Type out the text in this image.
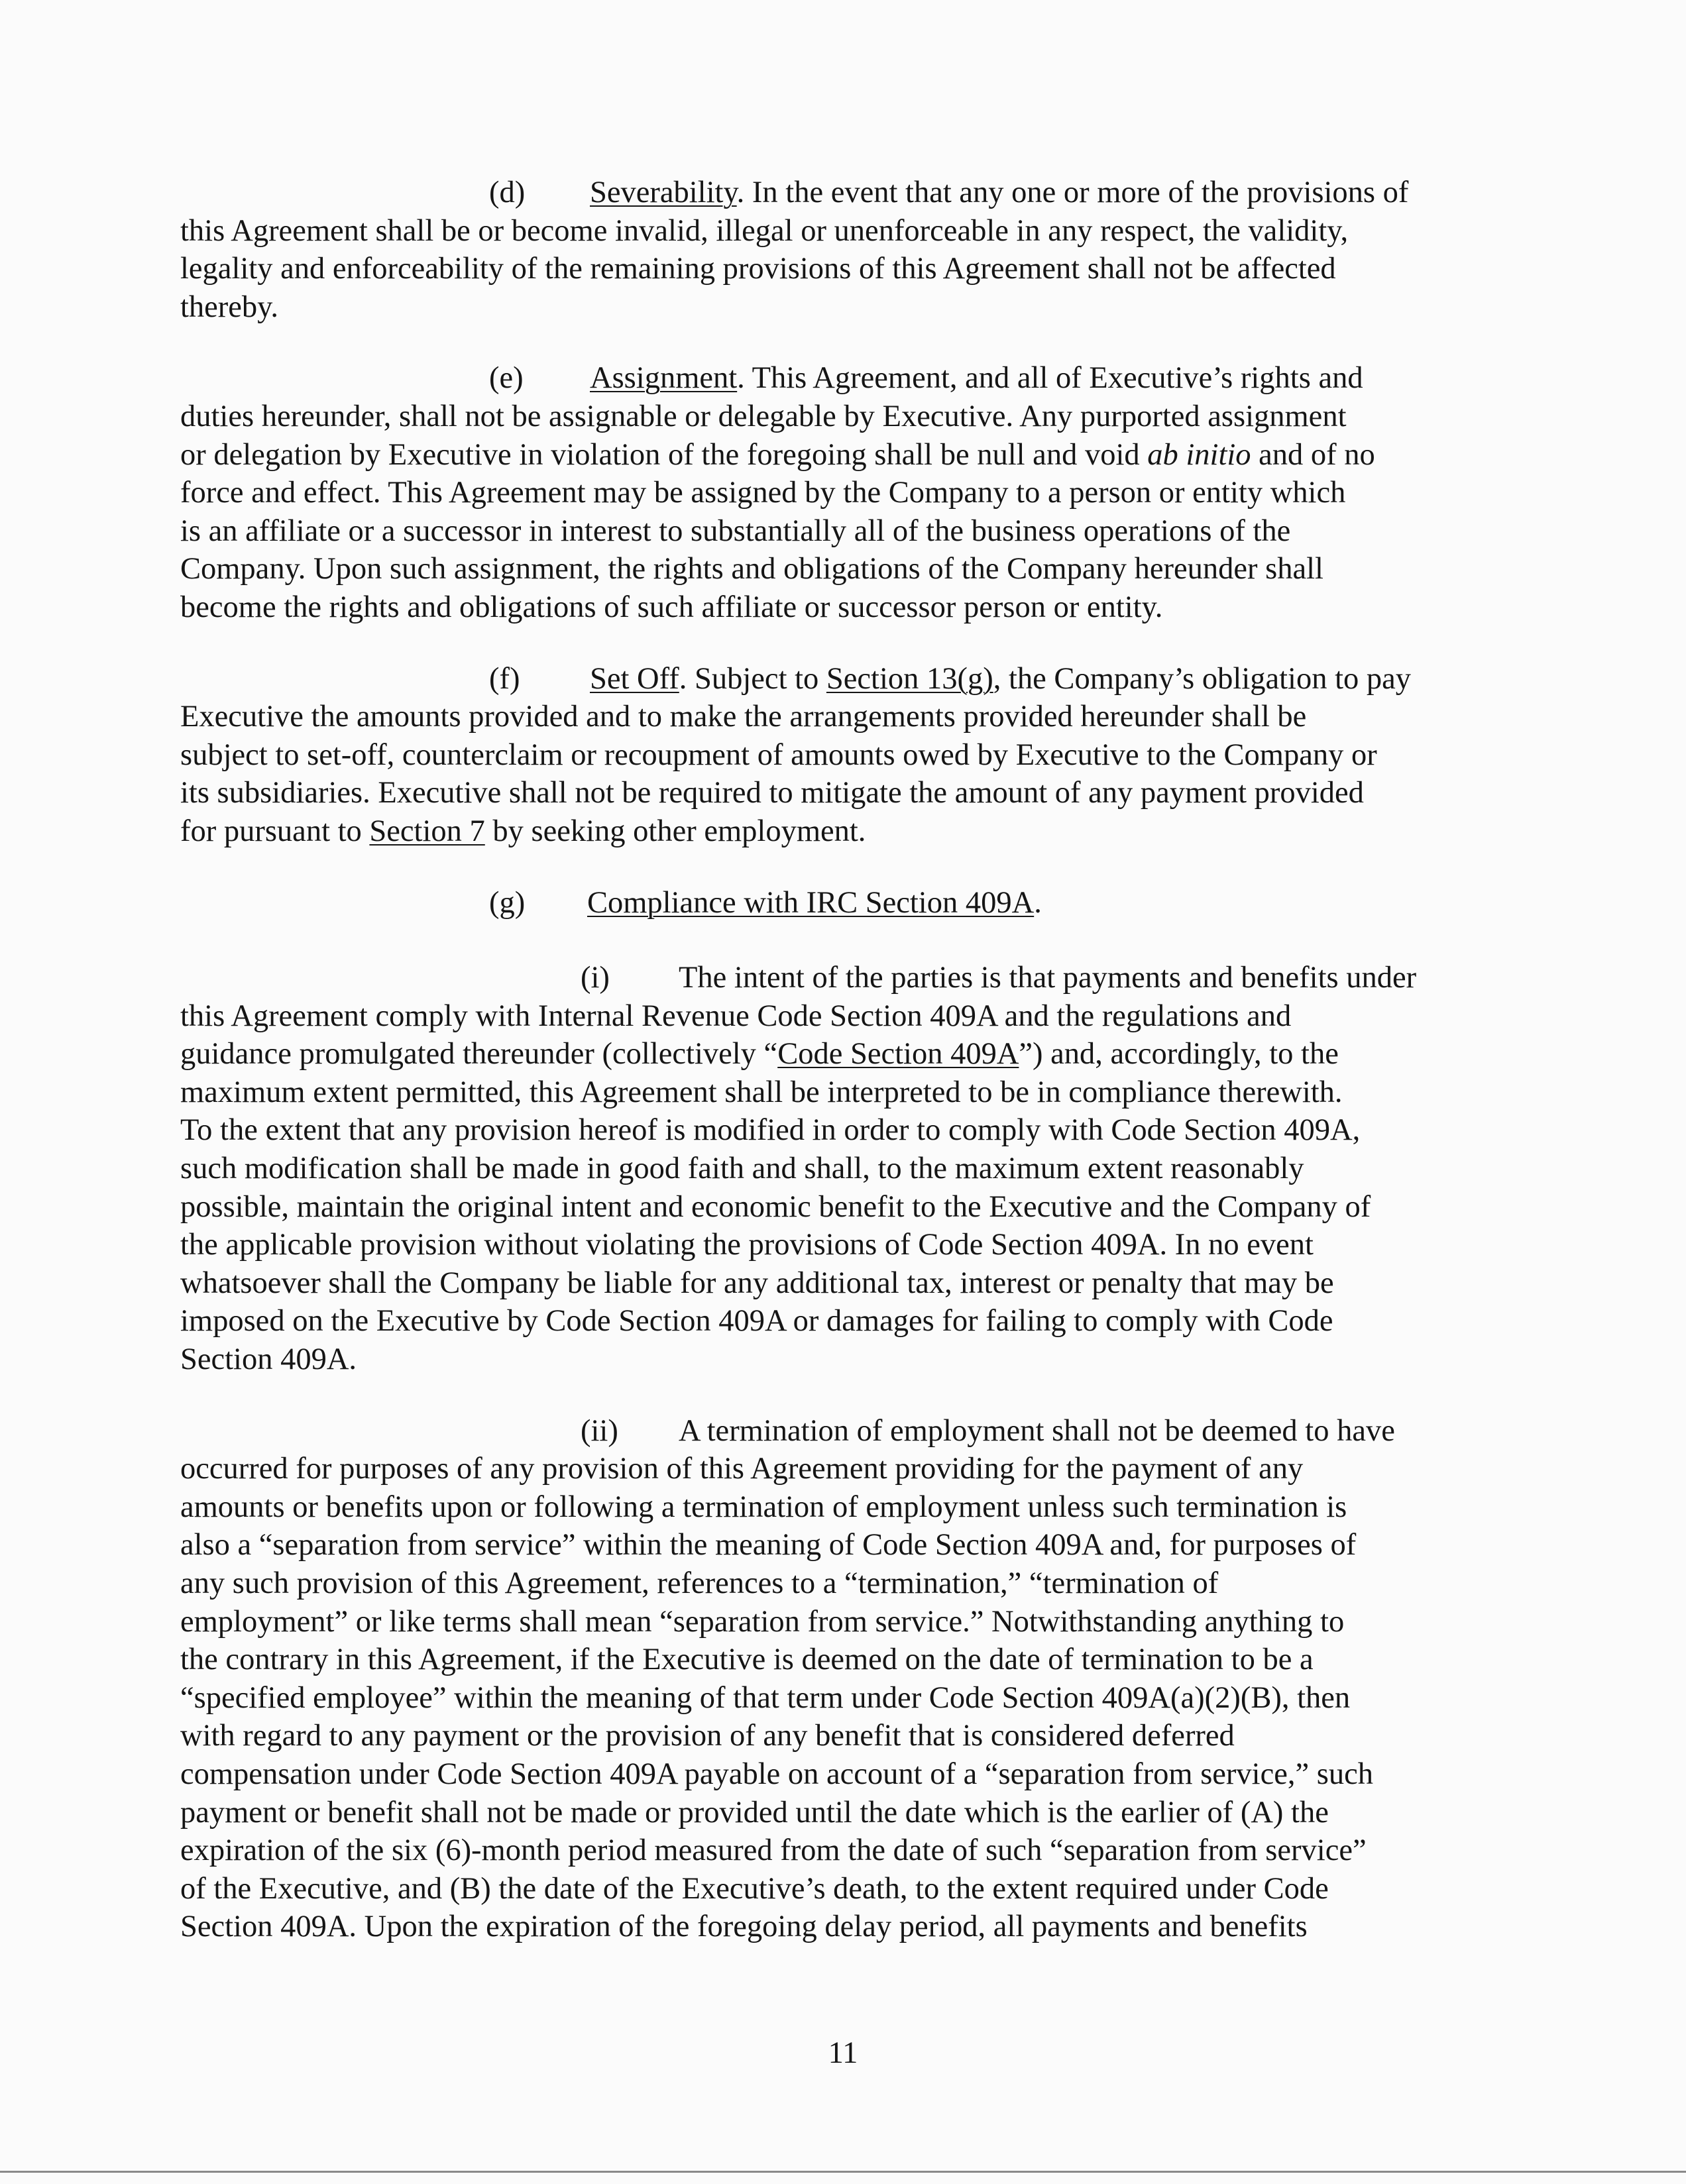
(d) Severability. In the event that any one or more of the provisions of
this Agreement shall be or become invalid, illegal or unenforceable in any respect, the validity,
legality and enforceability of the remaining provisions of this Agreement shall not be affected
thereby.
(e) Assignment. This Agreement, and all of Executive’s rights and
duties hereunder, shall not be assignable or delegable by Executive. Any purported assignment
or delegation by Executive in violation of the foregoing shall be null and void ab initio and of no
force and effect. This Agreement may be assigned by the Company to a person or entity which
is an affiliate or a successor in interest to substantially all of the business operations of the
Company. Upon such assignment, the rights and obligations of the Company hereunder shall
become the rights and obligations of such affiliate or successor person or entity.
(f) Set Off. Subject to Section 13(g), the Company’s obligation to pay
Executive the amounts provided and to make the arrangements provided hereunder shall be
subject to set-off, counterclaim or recoupment of amounts owed by Executive to the Company or
its subsidiaries. Executive shall not be required to mitigate the amount of any payment provided
for pursuant to Section 7 by seeking other employment.
(g) Compliance with IRC Section 409A.
(i) The intent of the parties is that payments and benefits under
this Agreement comply with Internal Revenue Code Section 409A and the regulations and
guidance promulgated thereunder (collectively “Code Section 409A”) and, accordingly, to the
maximum extent permitted, this Agreement shall be interpreted to be in compliance therewith.
To the extent that any provision hereof is modified in order to comply with Code Section 409A,
such modification shall be made in good faith and shall, to the maximum extent reasonably
possible, maintain the original intent and economic benefit to the Executive and the Company of
the applicable provision without violating the provisions of Code Section 409A. In no event
whatsoever shall the Company be liable for any additional tax, interest or penalty that may be
imposed on the Executive by Code Section 409A or damages for failing to comply with Code
Section 409A.
(ii) A termination of employment shall not be deemed to have
occurred for purposes of any provision of this Agreement providing for the payment of any
amounts or benefits upon or following a termination of employment unless such termination is
also a “separation from service” within the meaning of Code Section 409A and, for purposes of
any such provision of this Agreement, references to a “termination,” “termination of
employment” or like terms shall mean “separation from service.” Notwithstanding anything to
the contrary in this Agreement, if the Executive is deemed on the date of termination to be a
“specified employee” within the meaning of that term under Code Section 409A(a)(2)(B), then
with regard to any payment or the provision of any benefit that is considered deferred
compensation under Code Section 409A payable on account of a “separation from service,” such
payment or benefit shall not be made or provided until the date which is the earlier of (A) the
expiration of the six (6)-month period measured from the date of such “separation from service”
of the Executive, and (B) the date of the Executive’s death, to the extent required under Code
Section 409A. Upon the expiration of the foregoing delay period, all payments and benefits
11
